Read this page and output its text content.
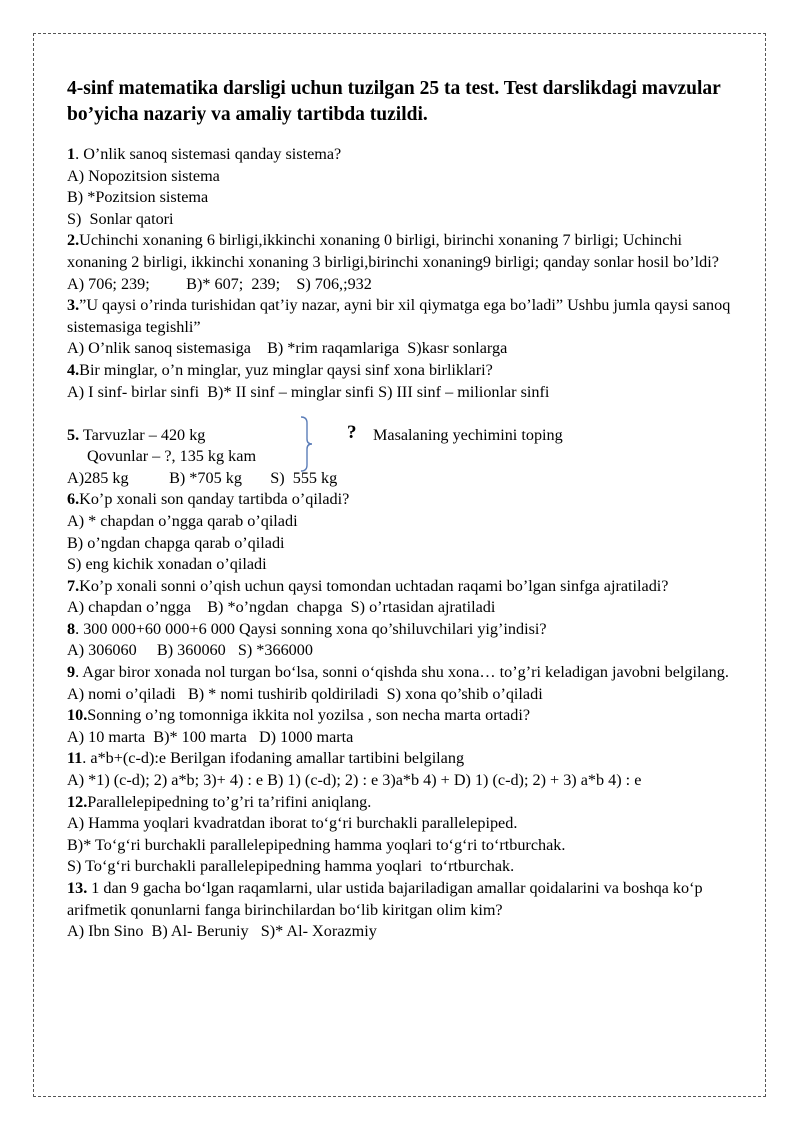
4-sinf matematika darsligi uchun tuzilgan 25 ta test. Test darslikdagi mavzular bo’yicha nazariy va amaliy tartibda tuzildi.
1. O’nlik sanoq sistemasi qanday sistema?
A) Nopozitsion sistema
B) *Pozitsion sistema
S)  Sonlar qatori
2.Uchinchi xonaning 6 birligi,ikkinchi xonaning 0 birligi, birinchi xonaning 7 birligi; Uchinchi xonaning 2 birligi, ikkinchi xonaning 3 birligi,birinchi xonaning9 birligi; qanday sonlar hosil bo’ldi?
A) 706; 239;         B)* 607;  239;    S) 706,;932
3.”U qaysi o’rinda turishidan qat’iy nazar, ayni bir xil qiymatga ega bo’ladi” Ushbu jumla qaysi sanoq sistemasiga tegishli”
A) O’nlik sanoq sistemasiga    B) *rim raqamlariga  S)kasr sonlarga
4.Bir minglar, o’n minglar, yuz minglar qaysi sinf xona birliklari?
A) I sinf- birlar sinfi  B)* II sinf – minglar sinfi S) III sinf – milionlar sinfi
5. Tarvuzlar – 420 kg
Qovunlar – ?, 135 kg kam
? Masalaning yechimini toping
A)285 kg          B) *705 kg       S)  555 kg
6.Ko’p xonali son qanday tartibda o’qiladi?
A) * chapdan o’ngga qarab o’qiladi
B) o’ngdan chapga qarab o’qiladi
S) eng kichik xonadan o’qiladi
7.Ko’p xonali sonni o’qish uchun qaysi tomondan uchtadan raqami bo’lgan sinfga ajratiladi?
A) chapdan o’ngga    B) *o’ngdan  chapga  S) o’rtasidan ajratiladi
8. 300 000+60 000+6 000 Qaysi sonning xona qo’shiluvchilari yig’indisi?
A) 306060     B) 360060   S) *366000
9. Agar biror xonada nol turgan bo‘lsa, sonni o‘qishda shu xona… to’g’ri keladigan javobni belgilang.
A) nomi o’qiladi   B) * nomi tushirib qoldiriladi  S) xona qo’shib o’qiladi
10.Sonning o’ng tomonniga ikkita nol yozilsa , son necha marta ortadi?
A) 10 marta  B)* 100 marta   D) 1000 marta
11. a*b+(c-d):e Berilgan ifodaning amallar tartibini belgilang
A) *1) (c-d); 2) a*b; 3)+ 4) : e B) 1) (c-d); 2) : e 3)a*b 4) + D) 1) (c-d); 2) + 3) a*b 4) : e
12.Parallelepipedning to’g’ri ta’rifini aniqlang.
A) Hamma yoqlari kvadratdan iborat to‘g‘ri burchakli parallelepiped.
B)* To‘g‘ri burchakli parallelepipedning hamma yoqlari to‘g‘ri to‘rtburchak.
S) To‘g‘ri burchakli parallelepipedning hamma yoqlari  to‘rtburchak.
13. 1 dan 9 gacha bo‘lgan raqamlarni, ular ustida bajariladigan amallar qoidalarini va boshqa ko‘p arifmetik qonunlarni fanga birinchilardan bo‘lib kiritgan olim kim?
A) Ibn Sino  B) Al- Beruniy   S)* Al- Xorazmiy
